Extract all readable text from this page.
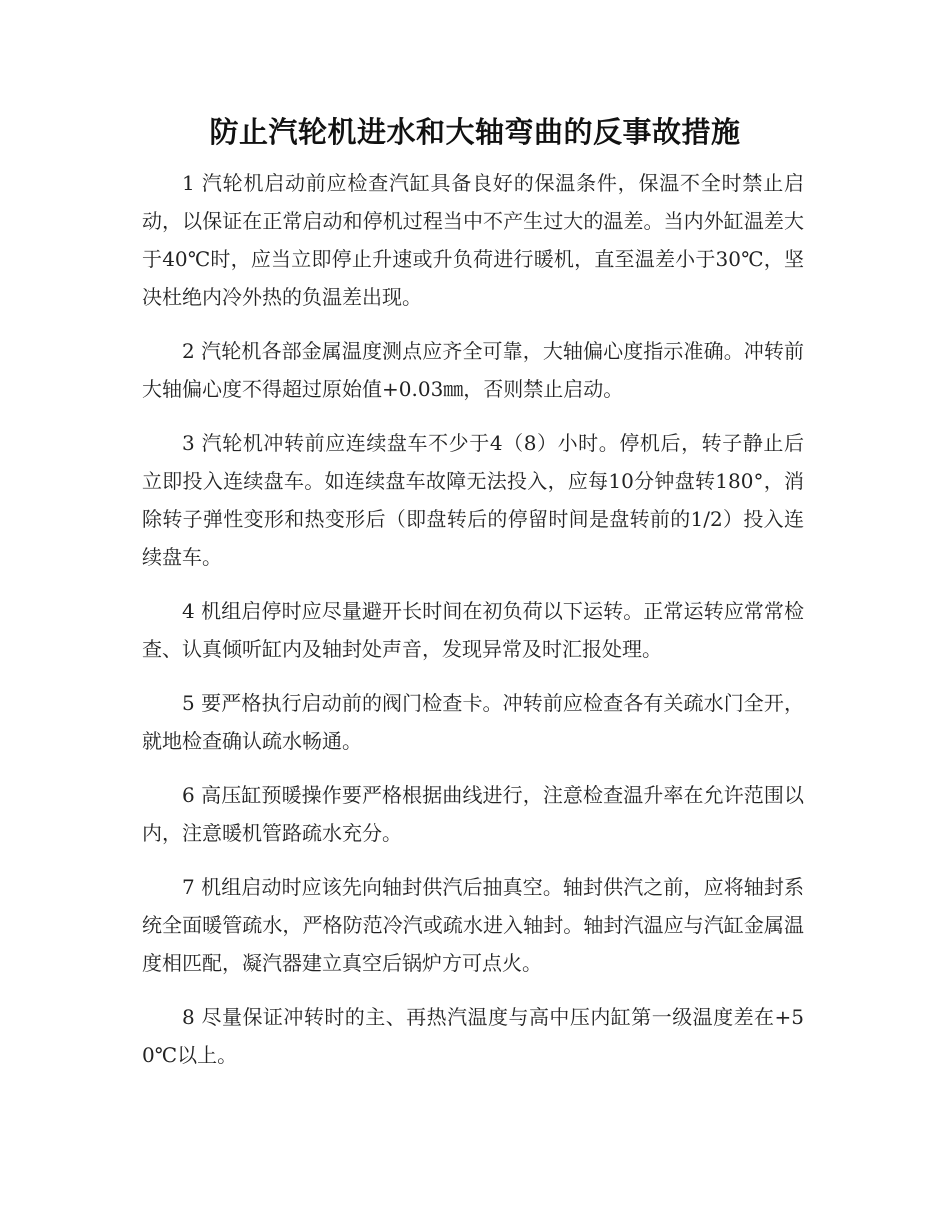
防止汽轮机进水和大轴弯曲的反事故措施

1 汽轮机启动前应检查汽缸具备良好的保温条件，保温不全时禁止启动，以保证在正常启动和停机过程当中不产生过大的温差。当内外缸温差大于40℃时，应当立即停止升速或升负荷进行暖机，直至温差小于30℃，坚决杜绝内冷外热的负温差出现。

2 汽轮机各部金属温度测点应齐全可靠，大轴偏心度指示准确。冲转前大轴偏心度不得超过原始值+0.03㎜，否则禁止启动。

3 汽轮机冲转前应连续盘车不少于4（8）小时。停机后，转子静止后立即投入连续盘车。如连续盘车故障无法投入，应每10分钟盘转180°，消除转子弹性变形和热变形后（即盘转后的停留时间是盘转前的1/2）投入连续盘车。

4 机组启停时应尽量避开长时间在初负荷以下运转。正常运转应常常检查、认真倾听缸内及轴封处声音，发现异常及时汇报处理。

5 要严格执行启动前的阀门检查卡。冲转前应检查各有关疏水门全开，就地检查确认疏水畅通。

6 高压缸预暖操作要严格根据曲线进行，注意检查温升率在允许范围以内，注意暖机管路疏水充分。

7 机组启动时应该先向轴封供汽后抽真空。轴封供汽之前，应将轴封系统全面暖管疏水，严格防范冷汽或疏水进入轴封。轴封汽温应与汽缸金属温度相匹配，凝汽器建立真空后锅炉方可点火。

8 尽量保证冲转时的主、再热汽温度与高中压内缸第一级温度差在+50℃以上。
